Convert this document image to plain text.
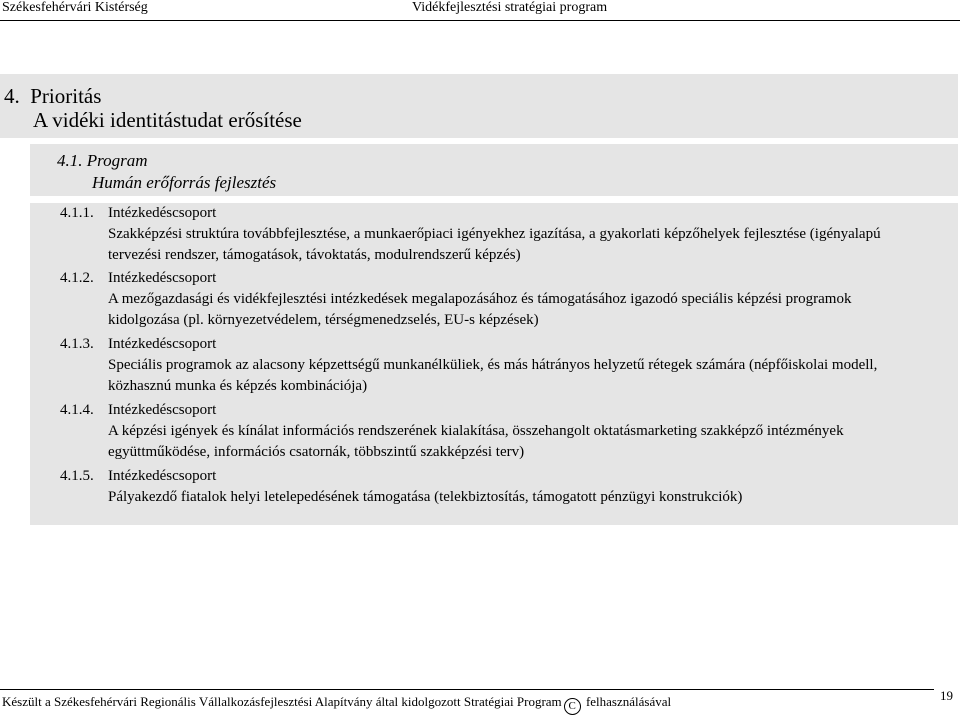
Székesfehérvári Kistérség	Vidékfejlesztési stratégiai program
4.  Prioritás
A vidéki identitástudat erősítése
4.1. Program
Humán erőforrás fejlesztés
4.1.1. Intézkedéscsoport
Szakképzési struktúra továbbfejlesztése, a munkaerőpiaci igényekhez igazítása, a gyakorlati képzőhelyek fejlesztése (igényalapú
tervezési rendszer, támogatások, távoktatás, modulrendszerű képzés)
4.1.2. Intézkedéscsoport
A mezőgazdasági és vidékfejlesztési intézkedések megalapozásához és támogatásához igazodó speciális képzési programok
kidolgozása (pl. környezetvédelem, térségmenedzselés, EU-s képzések)
4.1.3. Intézkedéscsoport
Speciális programok az alacsony képzettségű munkanélküliek, és más hátrányos helyzetű rétegek számára (népfőiskolai modell,
közhasznú munka és képzés kombinációja)
4.1.4. Intézkedéscsoport
A képzési igények és kínálat információs rendszerének kialakítása, összehangolt oktatásmarketing szakképző intézmények
együttműködése, információs csatornák, többszintű szakképzési terv)
4.1.5. Intézkedéscsoport
Pályakezdő fiatalok helyi letelepedésének támogatása (telekbiztosítás, támogatott pénzügyi konstrukciók)
Készült a Székesfehérvári Regionális Vállalkozásfejlesztési Alapítvány által kidolgozott Stratégiai Program C felhasználásával	19
